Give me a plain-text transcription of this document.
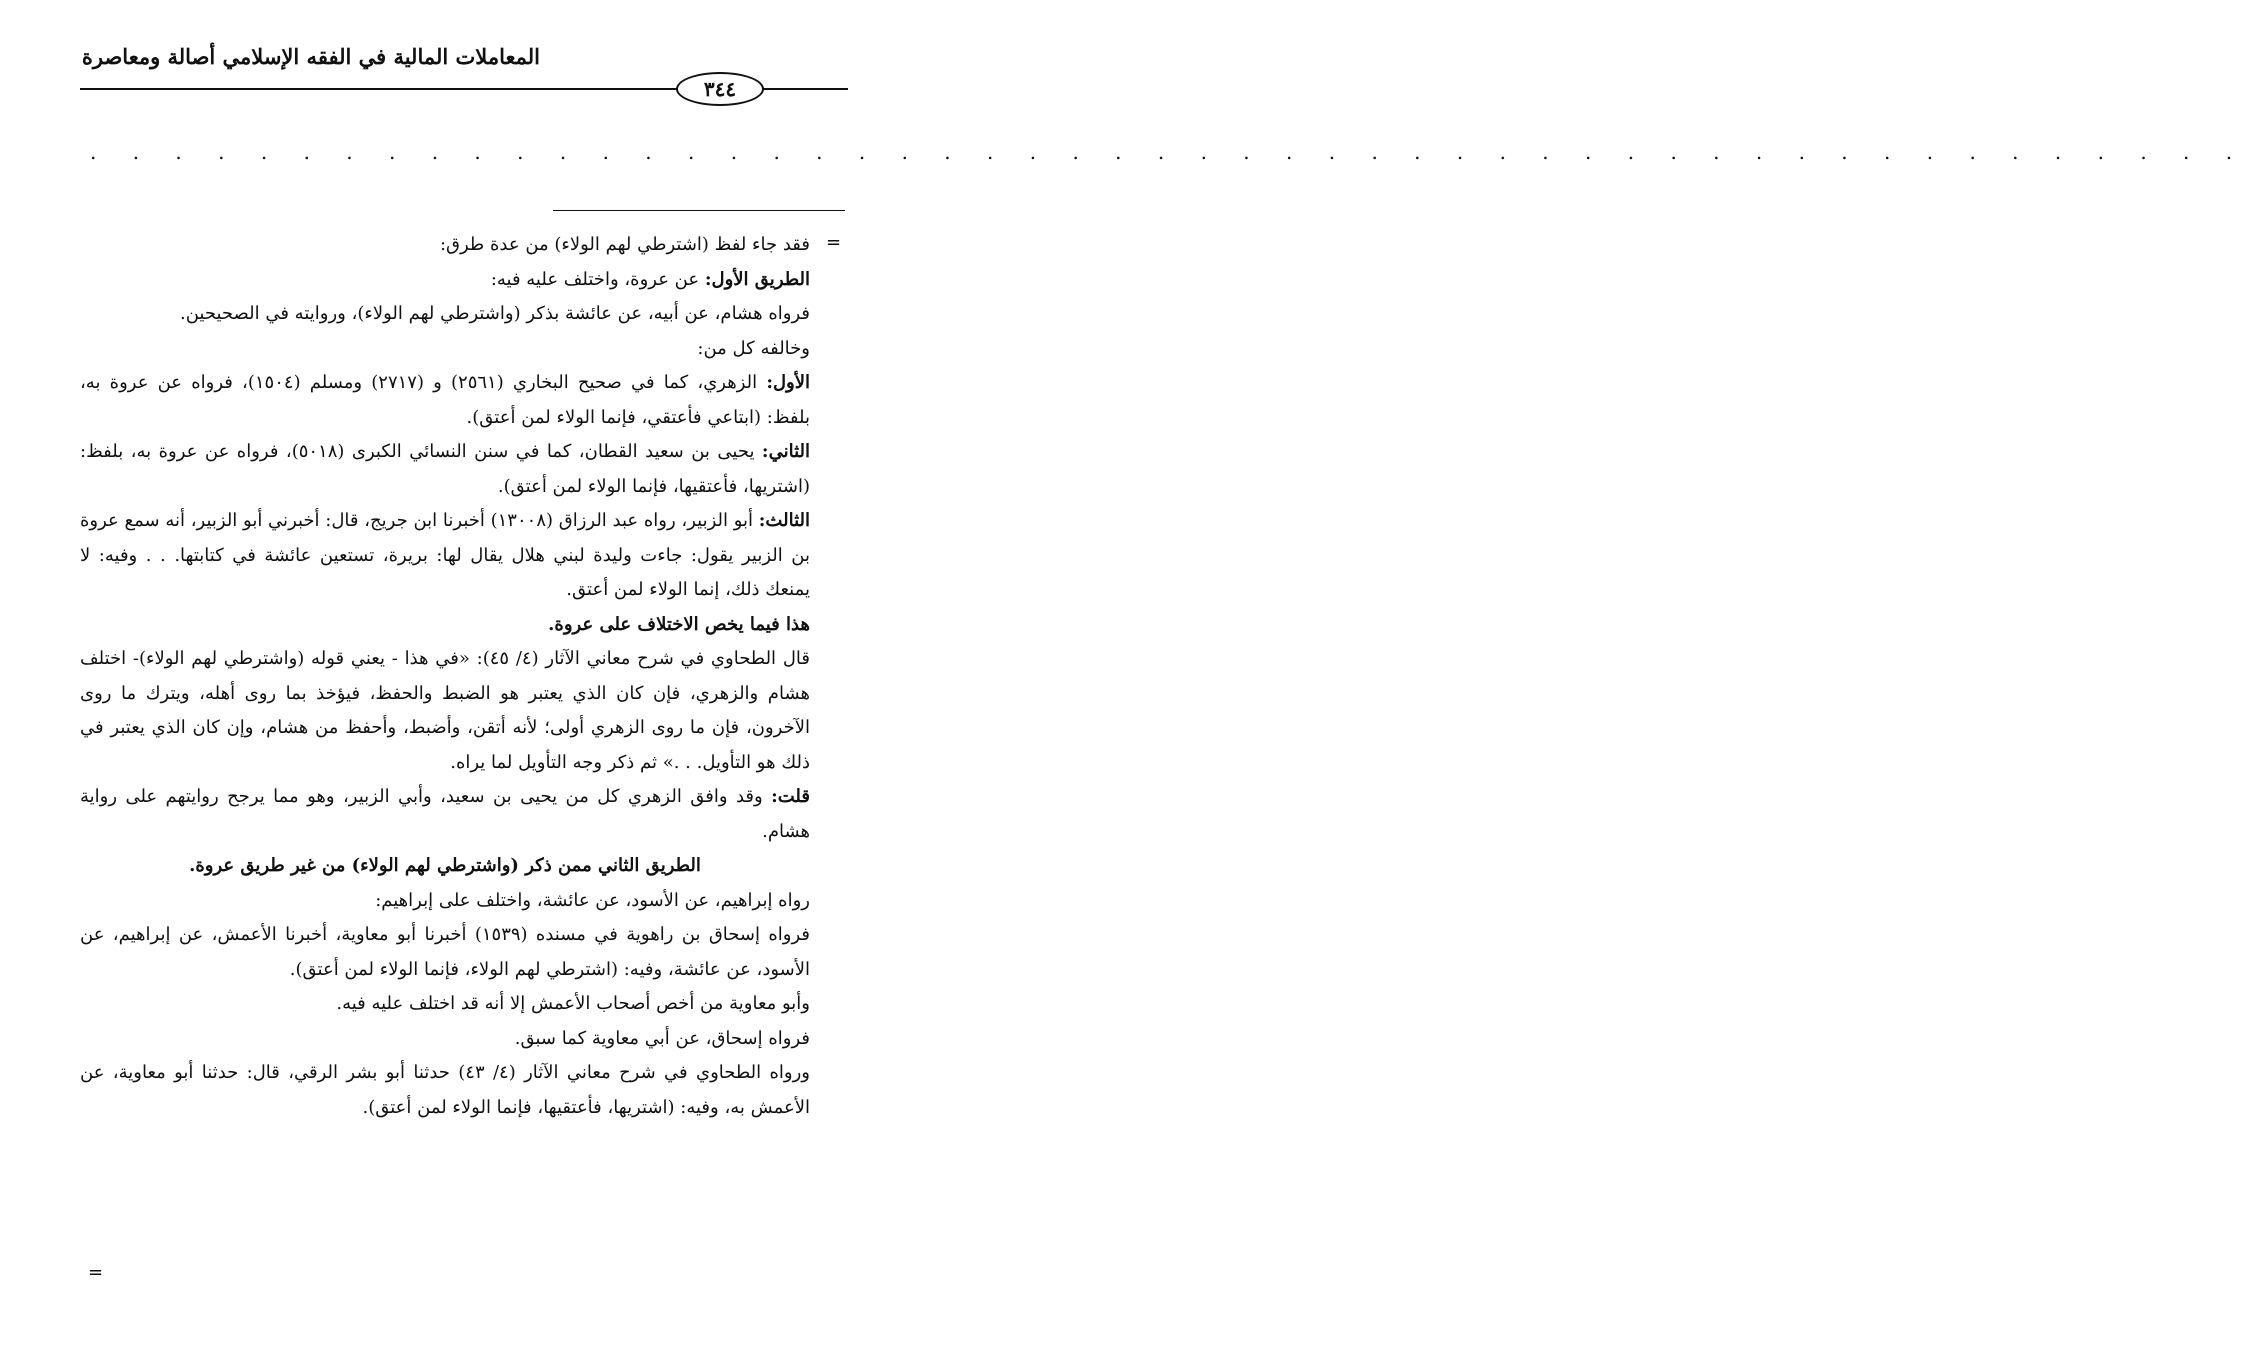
المعاملات المالية في الفقه الإسلامي أصالة ومعاصرة
٣٤٤
. . . . . . . . . . . . . . . . . . . . . . . . . . . . . . . . . . . . . . . . . . . . . . . . . . .
=
=

فقد جاء لفظ (اشترطي لهم الولاء) من عدة طرق:

الطريق الأول: عن عروة، واختلف عليه فيه:

فرواه هشام، عن أبيه، عن عائشة بذكر (واشترطي لهم الولاء)، وروايته في الصحيحين.

وخالفه كل من:

الأول: الزهري، كما في صحيح البخاري (٢٥٦١) و (٢٧١٧) ومسلم (١٥٠٤)، فرواه عن عروة به، بلفظ: (ابتاعي فأعتقي، فإنما الولاء لمن أعتق).

الثاني: يحيى بن سعيد القطان، كما في سنن النسائي الكبرى (٥٠١٨)، فرواه عن عروة به، بلفظ: (اشتريها، فأعتقيها، فإنما الولاء لمن أعتق).

الثالث: أبو الزبير، رواه عبد الرزاق (١٣٠٠٨) أخبرنا ابن جريج، قال: أخبرني أبو الزبير، أنه سمع عروة بن الزبير يقول: جاءت وليدة لبني هلال يقال لها: بريرة، تستعين عائشة في كتابتها. . . وفيه: لا يمنعك ذلك، إنما الولاء لمن أعتق.

هذا فيما يخص الاختلاف على عروة.

قال الطحاوي في شرح معاني الآثار (٤/ ٤٥): «في هذا - يعني قوله (واشترطي لهم الولاء)- اختلف هشام والزهري، فإن كان الذي يعتبر هو الضبط والحفظ، فيؤخذ بما روى أهله، ويترك ما روى الآخرون، فإن ما روى الزهري أولى؛ لأنه أتقن، وأضبط، وأحفظ من هشام، وإن كان الذي يعتبر في ذلك هو التأويل. . .» ثم ذكر وجه التأويل لما يراه.

قلت: وقد وافق الزهري كل من يحيى بن سعيد، وأبي الزبير، وهو مما يرجح روايتهم على رواية هشام.

الطريق الثاني ممن ذكر (واشترطي لهم الولاء) من غير طريق عروة.

رواه إبراهيم، عن الأسود، عن عائشة، واختلف على إبراهيم:

فرواه إسحاق بن راهوية في مسنده (١٥٣٩) أخبرنا أبو معاوية، أخبرنا الأعمش، عن إبراهيم، عن الأسود، عن عائشة، وفيه: (اشترطي لهم الولاء، فإنما الولاء لمن أعتق).

وأبو معاوية من أخص أصحاب الأعمش إلا أنه قد اختلف عليه فيه.

فرواه إسحاق، عن أبي معاوية كما سبق.

ورواه الطحاوي في شرح معاني الآثار (٤/ ٤٣) حدثنا أبو بشر الرقي، قال: حدثنا أبو معاوية، عن الأعمش به، وفيه: (اشتريها، فأعتقيها، فإنما الولاء لمن أعتق).
